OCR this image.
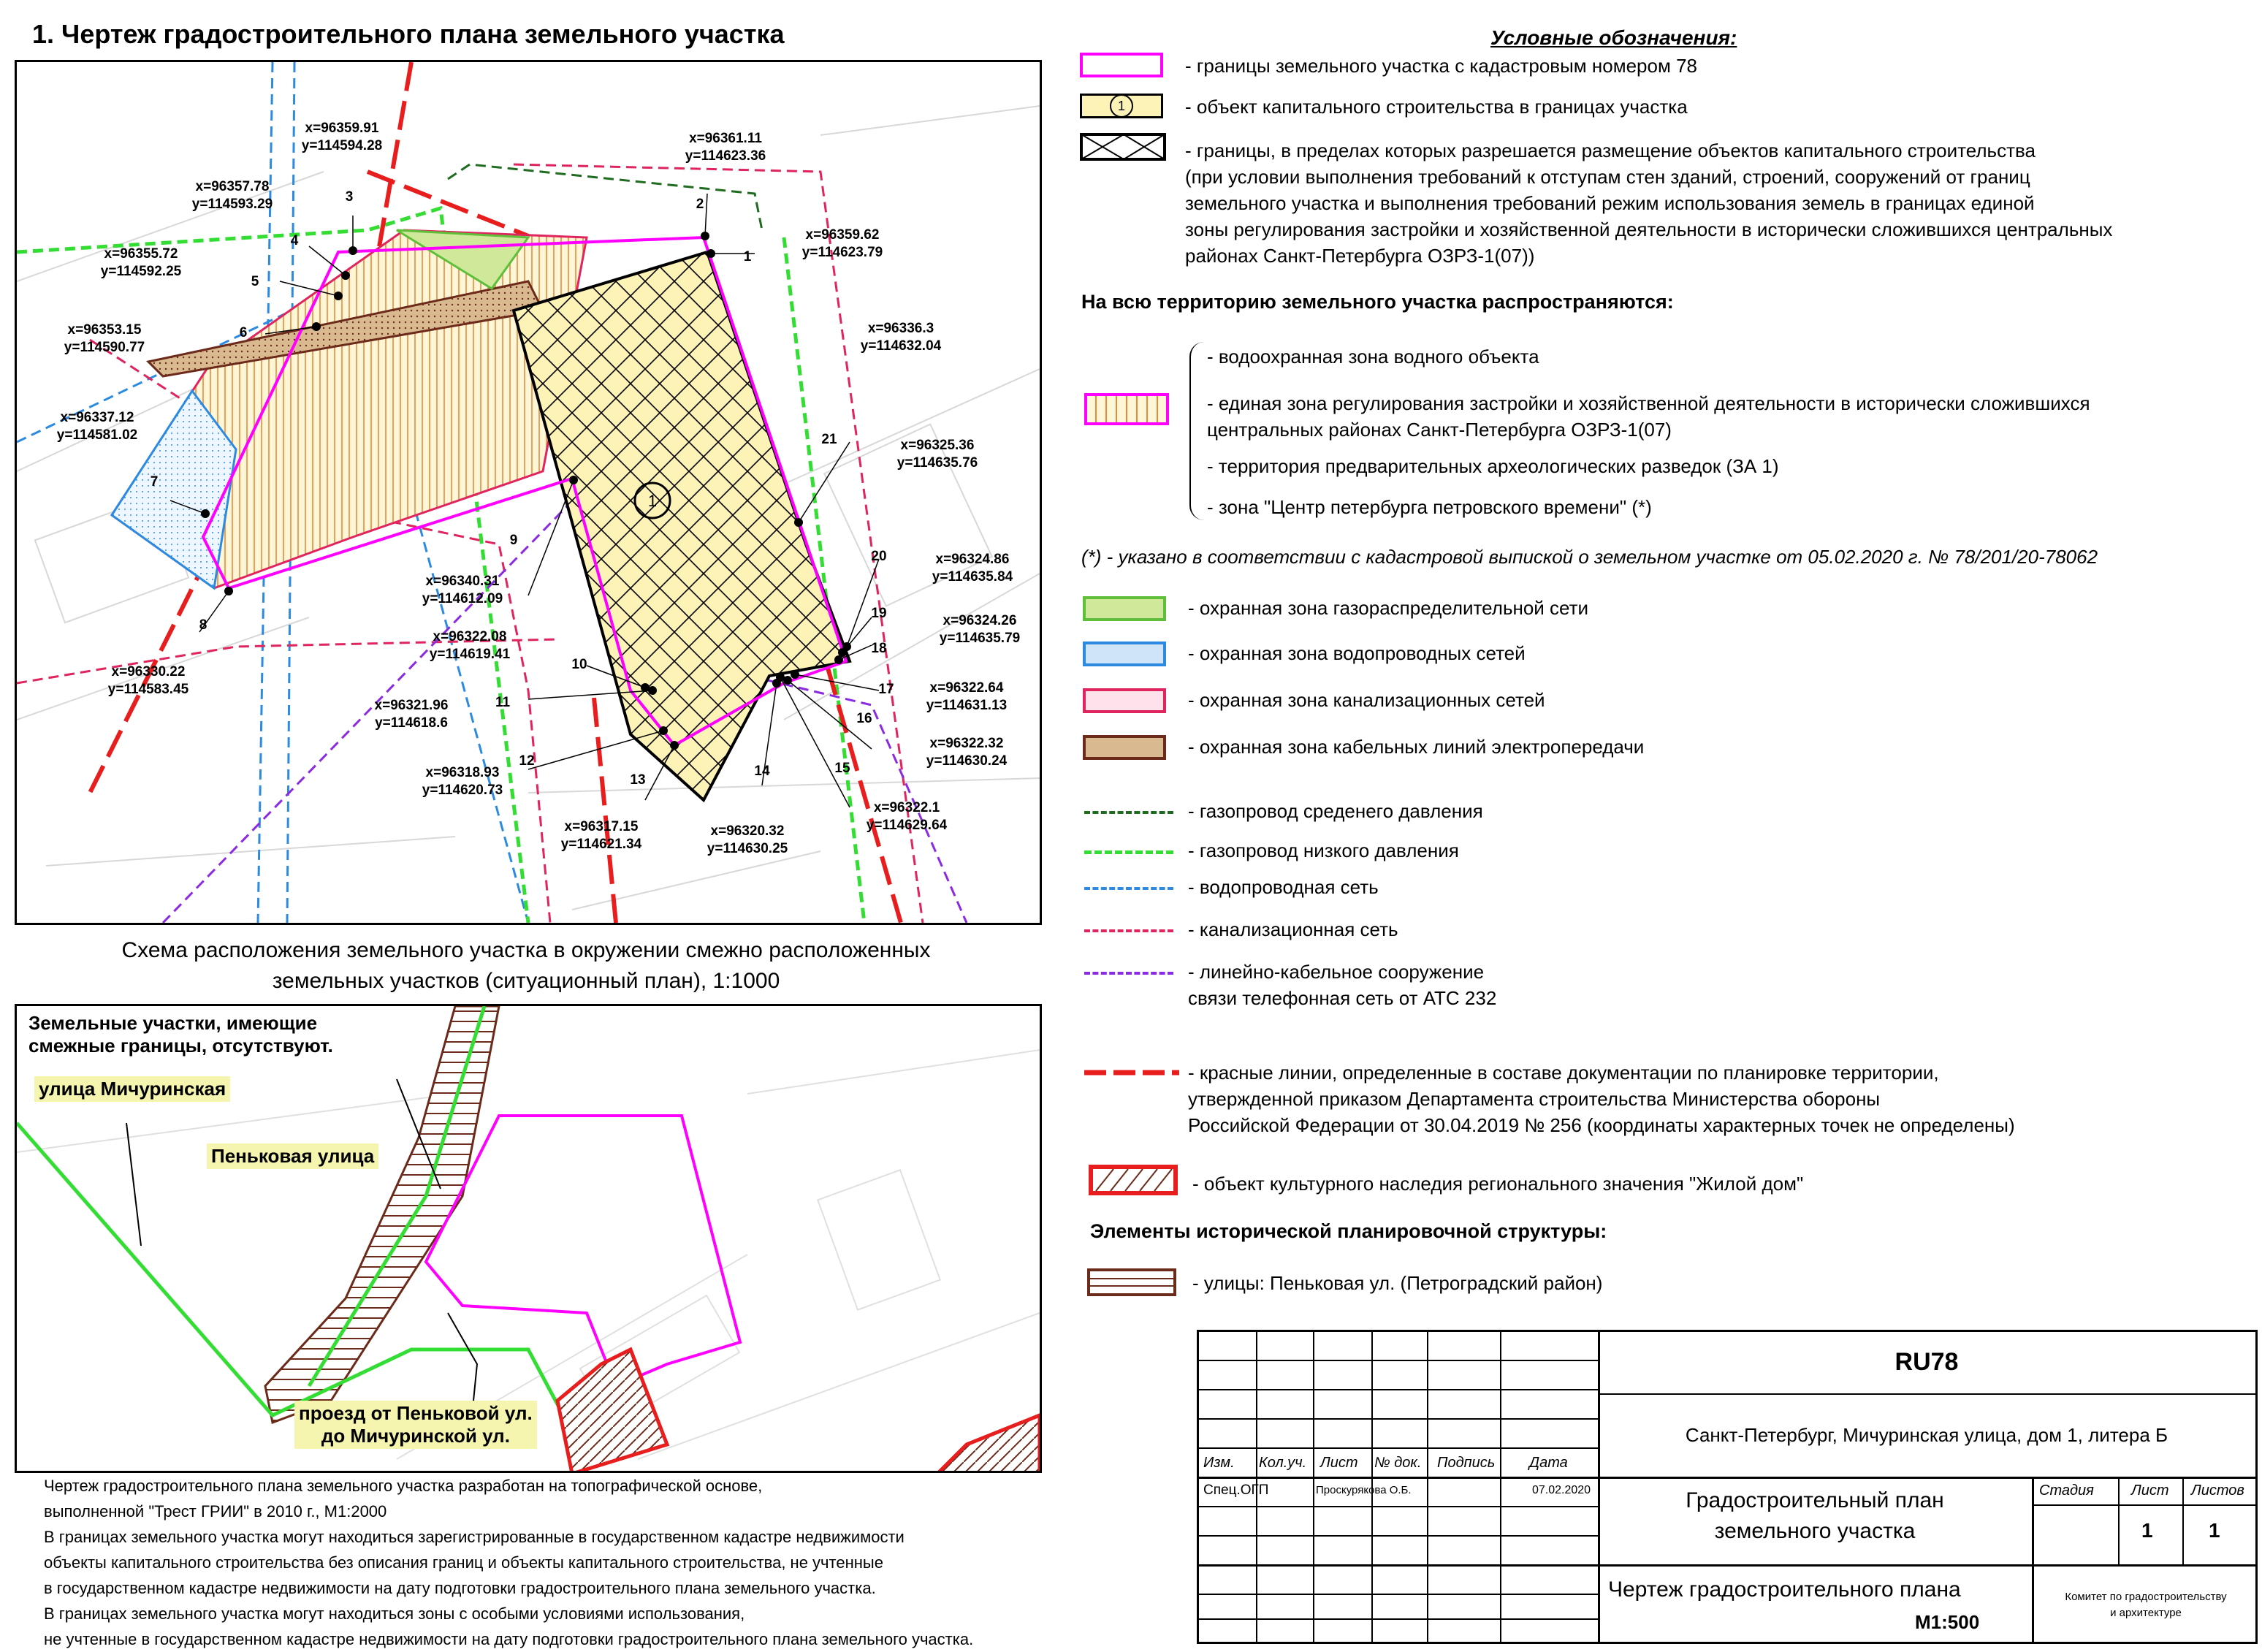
1. Чертеж градостроительного плана земельного участка
1
x=96361.11
y=114623.36
2
x=96359.62
y=114623.79
1
x=96359.91
y=114594.28
3
x=96357.78
y=114593.29
4
x=96355.72
y=114592.25
5
x=96353.15
y=114590.77
6
x=96337.12
y=114581.02
7
x=96330.22
y=114583.45
8
x=96340.31
y=114612.09
9
x=96322.08
y=114619.41
10
x=96321.96
y=114618.6
11
x=96318.93
y=114620.73
12
x=96317.15
y=114621.34
13
x=96320.32
y=114630.25
14
x=96322.1
y=114629.64
15
x=96322.32
y=114630.24
16
x=96322.64
y=114631.13
17
x=96324.26
y=114635.79
18
x=96324.86
y=114635.84
19
x=96325.36
y=114635.76
20
x=96336.3
y=114632.04
21
Схема расположения земельного участка в окружении смежно расположенных
земельных участков (ситуационный план), 1:1000
Земельные участки, имеющие
смежные границы, отсутствуют.
улица Мичуринская
Пеньковая улица
проезд от Пеньковой ул.
до Мичуринской ул.
Условные обозначения:
- границы земельного участка с кадастровым номером 78
1	- объект капитального строительства в границах участка
- границы, в пределах которых разрешается размещение объектов капитального строительства
(при условии выполнения требований к отступам стен зданий, строений, сооружений от границ
земельного участка и выполнения требований режим использования земель в границах единой
зоны регулирования застройки и хозяйственной деятельности в исторически сложившихся центральных
районах Санкт-Петербурга ОЗРЗ-1(07))
На всю территорию земельного участка распространяются:
- водоохранная зона водного объекта
- единая зона регулирования застройки и хозяйственной деятельности в исторически сложившихся
центральных районах Санкт-Петербурга ОЗРЗ-1(07)
- территория предварительных археологических разведок (ЗА 1)
- зона "Центр петербурга петровского времени" (*)
(*) - указано в соответствии с кадастровой выпиской о земельном участке от 05.02.2020 г. № 78/201/20-78062
- охранная зона газораспределительной сети
- охранная зона водопроводных сетей
- охранная зона канализационных сетей
- охранная зона кабельных линий электропередачи
- газопровод среденего давления
- газопровод низкого давления
- водопроводная сеть
- канализационная сеть
- линейно-кабельное сооружение
связи телефонная сеть от АТС 232
- красные линии, определенные в составе документации по планировке территории,
утвержденной приказом Департамента строительства Министерства обороны
Российской Федерации от 30.04.2019 № 256 (координаты характерных точек не определены)
- объект культурного наследия регионального значения "Жилой дом"
Элементы исторической планировочной структуры:
- улицы: Пеньковая ул. (Петроградский район)
Чертеж градостроительного плана земельного участка разработан на топографической основе,
выполненной "Трест ГРИИ" в 2010 г., М1:2000
В границах земельного участка могут находиться зарегистрированные в государственном кадастре недвижимости
объекты капитального строительства без описания границ и объекты капитального строительства, не учтенные
в государственном кадастре недвижимости на дату подготовки градостроительного плана земельного участка.
В границах земельного участка могут находиться зоны с особыми условиями использования,
не учтенные в государственном кадастре недвижимости на дату подготовки градостроительного плана земельного участка.
Изм. Кол.уч. Лист № док. Подпись Дата
Спец.ОГП	Проскурякова О.Б.	07.02.2020
RU78
Санкт-Петербург, Мичуринская улица, дом 1, литера Б
Градостроительный план
земельного участка
Стадия	Лист Листов
1	1
Чертеж градостроительного плана
М1:500
Комитет по градостроительству
и архитектуре
